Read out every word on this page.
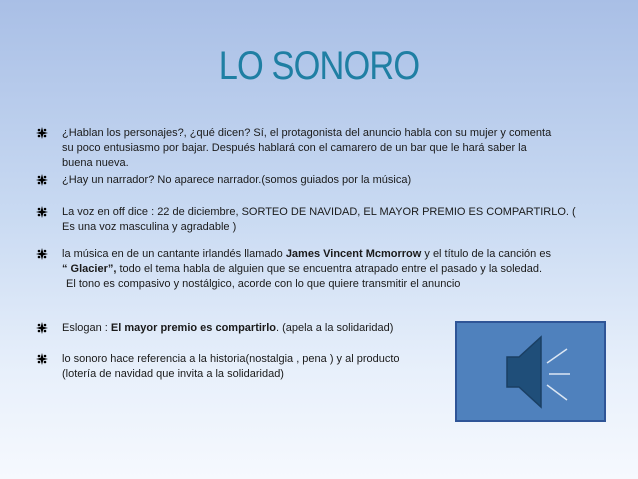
LO SONORO
¿Hablan los personajes?, ¿qué dicen? Sí, el protagonista del anuncio habla con su mujer y comenta
su poco entusiasmo por bajar. Después hablará con el camarero de un bar que le hará saber la
buena nueva.
¿Hay un narrador? No aparece narrador.(somos guiados por la música)
La voz en off dice : 22 de diciembre, SORTEO DE NAVIDAD, EL MAYOR PREMIO ES COMPARTIRLO. (
Es una voz masculina y agradable )
la música en de un cantante irlandés llamado James Vincent Mcmorrow y el título de la canción es
“ Glacier”, todo el tema habla de alguien que se encuentra atrapado entre el pasado y la soledad.
El tono es compasivo y nostálgico, acorde con lo que quiere transmitir el anuncio
Eslogan : El mayor premio es compartirlo. (apela a la solidaridad)
lo sonoro hace referencia a la historia(nostalgia , pena ) y al producto
(lotería de navidad que invita a la solidaridad)
